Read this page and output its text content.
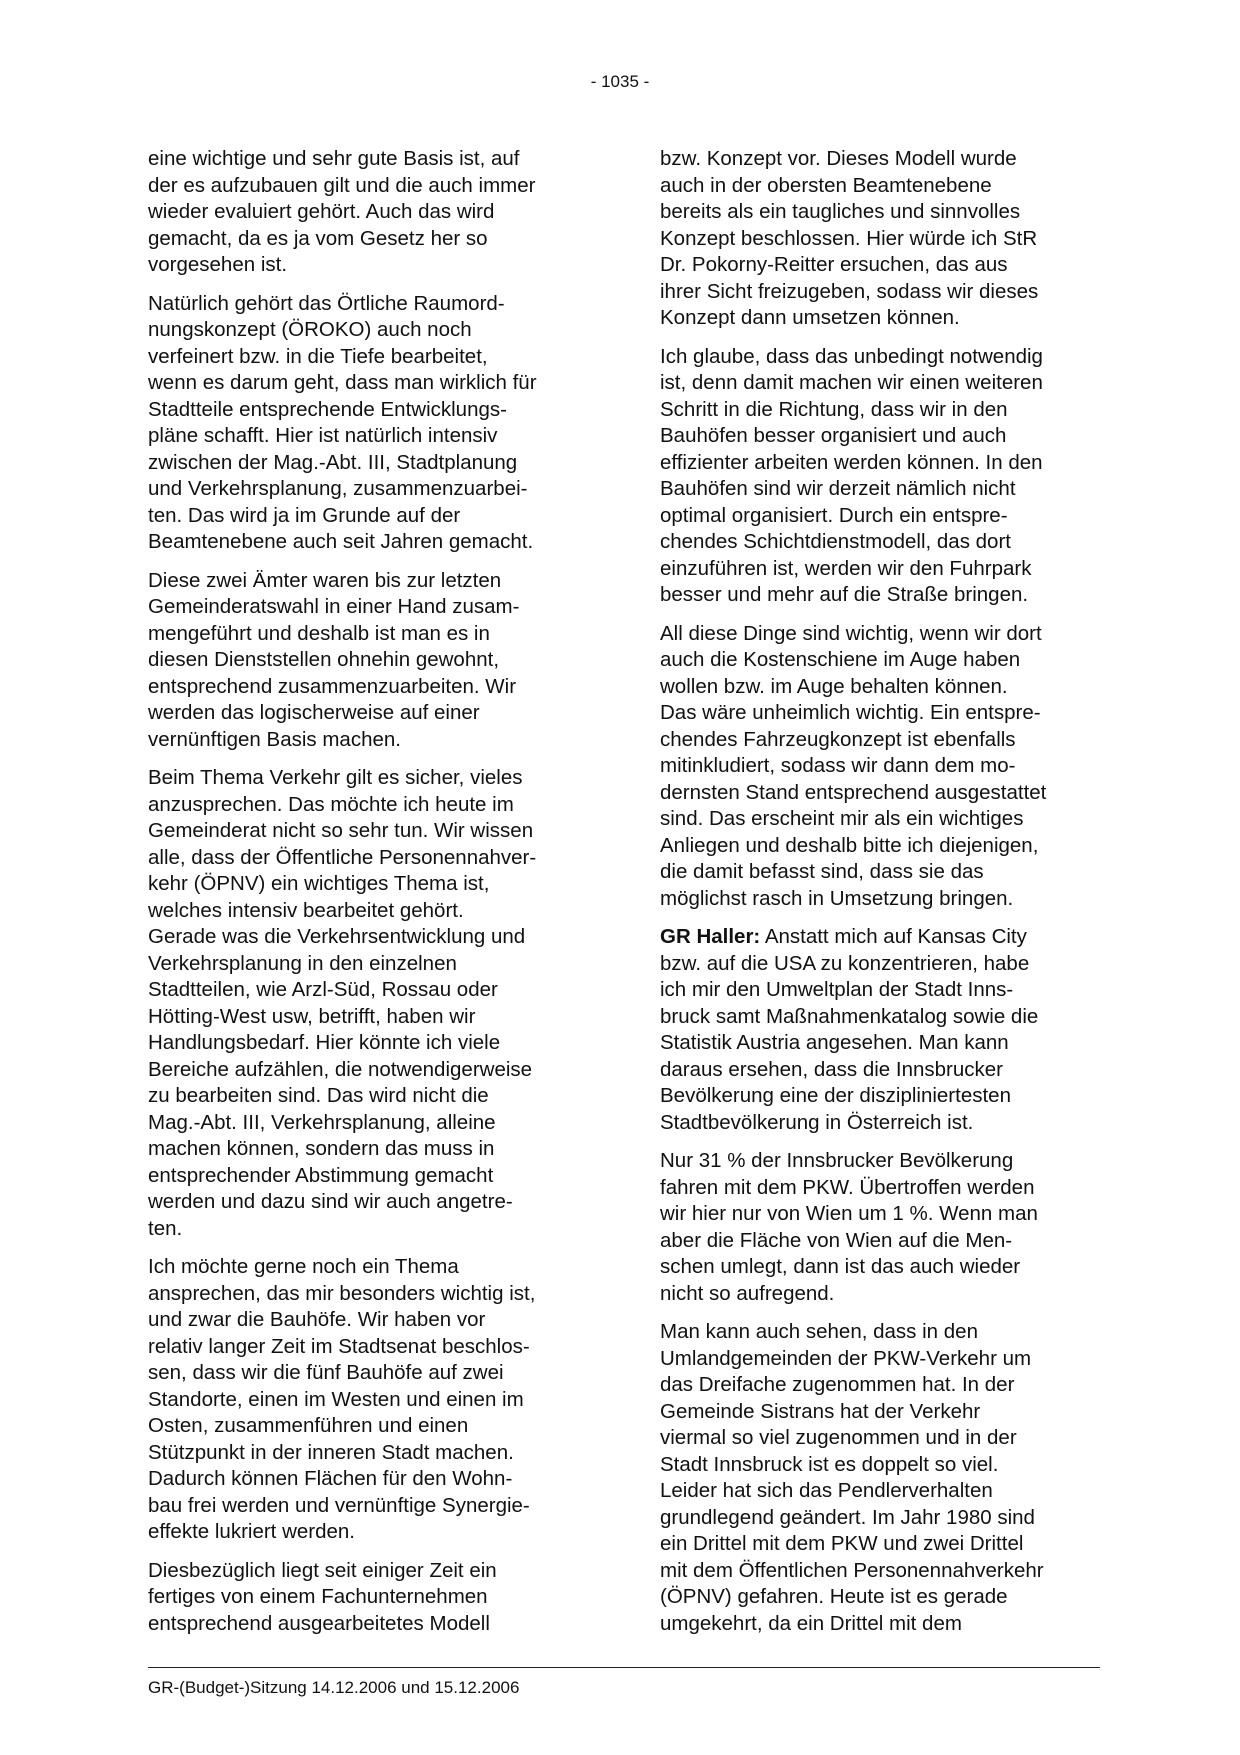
- 1035 -

eine wichtige und sehr gute Basis ist, auf
der es aufzubauen gilt und die auch immer
wieder evaluiert gehört. Auch das wird
gemacht, da es ja vom Gesetz her so
vorgesehen ist.

Natürlich gehört das Örtliche Raumord-
nungskonzept (ÖROKO) auch noch
verfeinert bzw. in die Tiefe bearbeitet,
wenn es darum geht, dass man wirklich für
Stadtteile entsprechende Entwicklungs-
pläne schafft. Hier ist natürlich intensiv
zwischen der Mag.-Abt. III, Stadtplanung
und Verkehrsplanung, zusammenzuarbei-
ten. Das wird ja im Grunde auf der
Beamtenebene auch seit Jahren gemacht.

Diese zwei Ämter waren bis zur letzten
Gemeinderatswahl in einer Hand zusam-
mengeführt und deshalb ist man es in
diesen Dienststellen ohnehin gewohnt,
entsprechend zusammenzuarbeiten. Wir
werden das logischerweise auf einer
vernünftigen Basis machen.

Beim Thema Verkehr gilt es sicher, vieles
anzusprechen. Das möchte ich heute im
Gemeinderat nicht so sehr tun. Wir wissen
alle, dass der Öffentliche Personennahver-
kehr (ÖPNV) ein wichtiges Thema ist,
welches intensiv bearbeitet gehört.
Gerade was die Verkehrsentwicklung und
Verkehrsplanung in den einzelnen
Stadtteilen, wie Arzl-Süd, Rossau oder
Hötting-West usw, betrifft, haben wir
Handlungsbedarf. Hier könnte ich viele
Bereiche aufzählen, die notwendigerweise
zu bearbeiten sind. Das wird nicht die
Mag.-Abt. III, Verkehrsplanung, alleine
machen können, sondern das muss in
entsprechender Abstimmung gemacht
werden und dazu sind wir auch angetre-
ten.

Ich möchte gerne noch ein Thema
ansprechen, das mir besonders wichtig ist,
und zwar die Bauhöfe. Wir haben vor
relativ langer Zeit im Stadtsenat beschlos-
sen, dass wir die fünf Bauhöfe auf zwei
Standorte, einen im Westen und einen im
Osten, zusammenführen und einen
Stützpunkt in der inneren Stadt machen.
Dadurch können Flächen für den Wohn-
bau frei werden und vernünftige Synergie-
effekte lukriert werden.

Diesbezüglich liegt seit einiger Zeit ein
fertiges von einem Fachunternehmen
entsprechend ausgearbeitetes Modell

bzw. Konzept vor. Dieses Modell wurde
auch in der obersten Beamtenebene
bereits als ein taugliches und sinnvolles
Konzept beschlossen. Hier würde ich StR
Dr. Pokorny-Reitter ersuchen, das aus
ihrer Sicht freizugeben, sodass wir dieses
Konzept dann umsetzen können.

Ich glaube, dass das unbedingt notwendig
ist, denn damit machen wir einen weiteren
Schritt in die Richtung, dass wir in den
Bauhöfen besser organisiert und auch
effizienter arbeiten werden können. In den
Bauhöfen sind wir derzeit nämlich nicht
optimal organisiert. Durch ein entspre-
chendes Schichtdienstmodell, das dort
einzuführen ist, werden wir den Fuhrpark
besser und mehr auf die Straße bringen.

All diese Dinge sind wichtig, wenn wir dort
auch die Kostenschiene im Auge haben
wollen bzw. im Auge behalten können.
Das wäre unheimlich wichtig. Ein entspre-
chendes Fahrzeugkonzept ist ebenfalls
mitinkludiert, sodass wir dann dem mo-
dernsten Stand entsprechend ausgestattet
sind. Das erscheint mir als ein wichtiges
Anliegen und deshalb bitte ich diejenigen,
die damit befasst sind, dass sie das
möglichst rasch in Umsetzung bringen.

GR Haller: Anstatt mich auf Kansas City
bzw. auf die USA zu konzentrieren, habe
ich mir den Umweltplan der Stadt Inns-
bruck samt Maßnahmenkatalog sowie die
Statistik Austria angesehen. Man kann
daraus ersehen, dass die Innsbrucker
Bevölkerung eine der diszipliniertesten
Stadtbevölkerung in Österreich ist.

Nur 31 % der Innsbrucker Bevölkerung
fahren mit dem PKW. Übertroffen werden
wir hier nur von Wien um 1 %. Wenn man
aber die Fläche von Wien auf die Men-
schen umlegt, dann ist das auch wieder
nicht so aufregend.

Man kann auch sehen, dass in den
Umlandgemeinden der PKW-Verkehr um
das Dreifache zugenommen hat. In der
Gemeinde Sistrans hat der Verkehr
viermal so viel zugenommen und in der
Stadt Innsbruck ist es doppelt so viel.
Leider hat sich das Pendlerverhalten
grundlegend geändert. Im Jahr 1980 sind
ein Drittel mit dem PKW und zwei Drittel
mit dem Öffentlichen Personennahverkehr
(ÖPNV) gefahren. Heute ist es gerade
umgekehrt, da ein Drittel mit dem

GR-(Budget-)Sitzung 14.12.2006 und 15.12.2006
